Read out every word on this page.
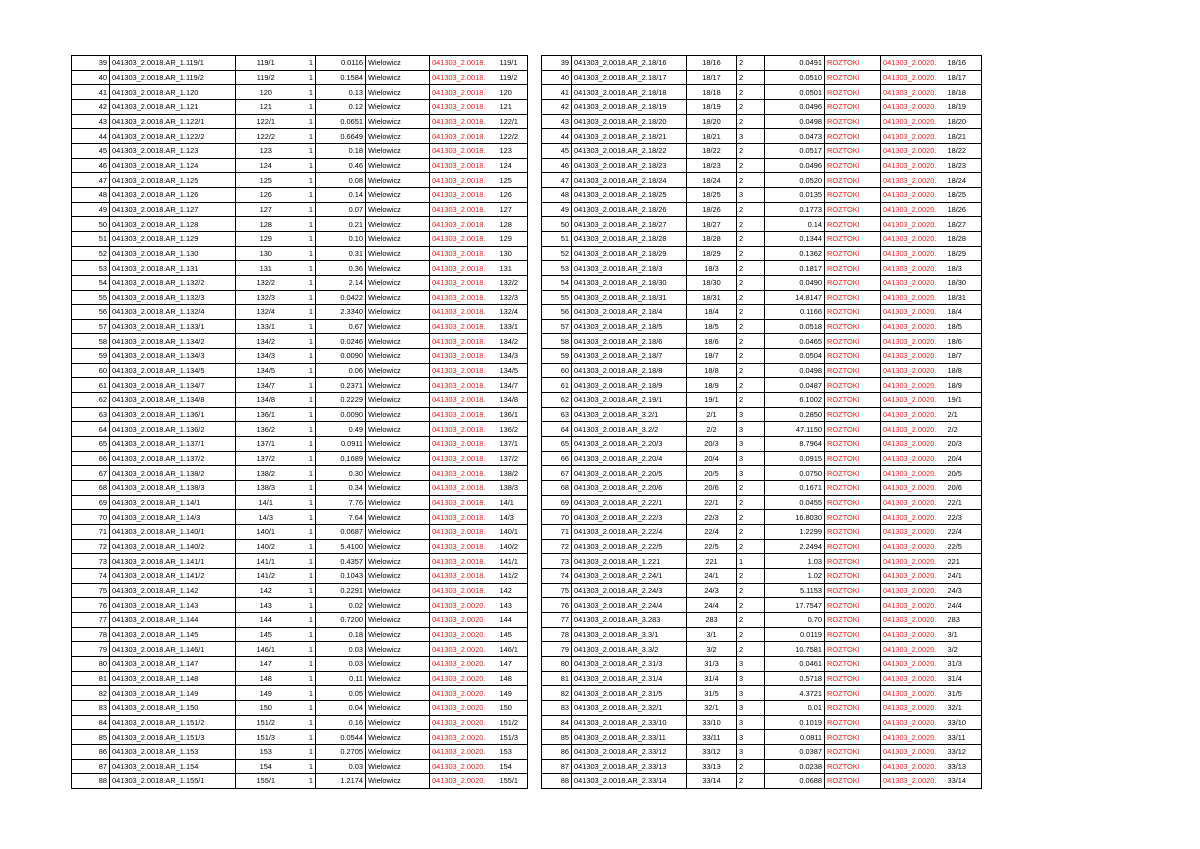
39	041303_2.0018.AR_1.119/1	119/1	1	0.0116	Wielowicz	041303_2.0018.	119/1
40	041303_2.0018.AR_1.119/2	119/2	1	0.1584	Wielowicz	041303_2.0018.	119/2
41	041303_2.0018.AR_1.120	120	1	0.13	Wielowicz	041303_2.0018.	120
42	041303_2.0018.AR_1.121	121	1	0.12	Wielowicz	041303_2.0018.	121
43	041303_2.0018.AR_1.122/1	122/1	1	0.0651	Wielowicz	041303_2.0018.	122/1
44	041303_2.0018.AR_1.122/2	122/2	1	0.6649	Wielowicz	041303_2.0018.	122/2
45	041303_2.0018.AR_1.123	123	1	0.18	Wielowicz	041303_2.0018.	123
46	041303_2.0018.AR_1.124	124	1	0.46	Wielowicz	041303_2.0018.	124
47	041303_2.0018.AR_1.125	125	1	0.08	Wielowicz	041303_2.0018.	125
48	041303_2.0018.AR_1.126	126	1	0.14	Wielowicz	041303_2.0018.	126
49	041303_2.0018.AR_1.127	127	1	0.07	Wielowicz	041303_2.0018.	127
50	041303_2.0018.AR_1.128	128	1	0.21	Wielowicz	041303_2.0018.	128
51	041303_2.0018.AR_1.129	129	1	0.10	Wielowicz	041303_2.0018.	129
52	041303_2.0018.AR_1.130	130	1	0.31	Wielowicz	041303_2.0018.	130
53	041303_2.0018.AR_1.131	131	1	0.36	Wielowicz	041303_2.0018.	131
54	041303_2.0018.AR_1.132/2	132/2	1	2.14	Wielowicz	041303_2.0018.	132/2
55	041303_2.0018.AR_1.132/3	132/3	1	0.0422	Wielowicz	041303_2.0018.	132/3
56	041303_2.0018.AR_1.132/4	132/4	1	2.3340	Wielowicz	041303_2.0018.	132/4
57	041303_2.0018.AR_1.133/1	133/1	1	0.67	Wielowicz	041303_2.0018.	133/1
58	041303_2.0018.AR_1.134/2	134/2	1	0.0246	Wielowicz	041303_2.0018.	134/2
59	041303_2.0018.AR_1.134/3	134/3	1	0.0090	Wielowicz	041303_2.0018.	134/3
60	041303_2.0018.AR_1.134/5	134/5	1	0.06	Wielowicz	041303_2.0018.	134/5
61	041303_2.0018.AR_1.134/7	134/7	1	0.2371	Wielowicz	041303_2.0018.	134/7
62	041303_2.0018.AR_1.134/8	134/8	1	0.2229	Wielowicz	041303_2.0018.	134/8
63	041303_2.0018.AR_1.136/1	136/1	1	0.0090	Wielowicz	041303_2.0018.	136/1
64	041303_2.0018.AR_1.136/2	136/2	1	0.49	Wielowicz	041303_2.0018.	136/2
65	041303_2.0018.AR_1.137/1	137/1	1	0.0911	Wielowicz	041303_2.0018.	137/1
66	041303_2.0018.AR_1.137/2	137/2	1	0.1689	Wielowicz	041303_2.0018.	137/2
67	041303_2.0018.AR_1.138/2	138/2	1	0.30	Wielowicz	041303_2.0018.	138/2
68	041303_2.0018.AR_1.138/3	138/3	1	0.34	Wielowicz	041303_2.0018.	138/3
69	041303_2.0018.AR_1.14/1	14/1	1	7.76	Wielowicz	041303_2.0018.	14/1
70	041303_2.0018.AR_1.14/3	14/3	1	7.64	Wielowicz	041303_2.0018.	14/3
71	041303_2.0018.AR_1.140/1	140/1	1	0.0687	Wielowicz	041303_2.0018.	140/1
72	041303_2.0018.AR_1.140/2	140/2	1	5.4100	Wielowicz	041303_2.0018.	140/2
73	041303_2.0018.AR_1.141/1	141/1	1	0.4357	Wielowicz	041303_2.0018.	141/1
74	041303_2.0018.AR_1.141/2	141/2	1	0.1043	Wielowicz	041303_2.0018.	141/2
75	041303_2.0018.AR_1.142	142	1	0.2291	Wielowicz	041303_2.0018.	142
76	041303_2.0018.AR_1.143	143	1	0.02	Wielowicz	041303_2.0020.	143
77	041303_2.0018.AR_1.144	144	1	0.7200	Wielowicz	041303_2.0020.	144
78	041303_2.0018.AR_1.145	145	1	0.18	Wielowicz	041303_2.0020.	145
79	041303_2.0018.AR_1.146/1	146/1	1	0.03	Wielowicz	041303_2.0020.	146/1
80	041303_2.0018.AR_1.147	147	1	0.03	Wielowicz	041303_2.0020.	147
81	041303_2.0018.AR_1.148	148	1	0.11	Wielowicz	041303_2.0020.	148
82	041303_2.0018.AR_1.149	149	1	0.05	Wielowicz	041303_2.0020.	149
83	041303_2.0018.AR_1.150	150	1	0.04	Wielowicz	041303_2.0020.	150
84	041303_2.0018.AR_1.151/2	151/2	1	0.16	Wielowicz	041303_2.0020.	151/2
85	041303_2.0018.AR_1.151/3	151/3	1	0.0544	Wielowicz	041303_2.0020.	151/3
86	041303_2.0018.AR_1.153	153	1	0.2705	Wielowicz	041303_2.0020.	153
87	041303_2.0018.AR_1.154	154	1	0.03	Wielowicz	041303_2.0020.	154
88	041303_2.0018.AR_1.155/1	155/1	1	1.2174	Wielowicz	041303_2.0020.	155/1
39	041303_2.0018.AR_2.18/16	18/16	2	0.0491	ROZTOKI	041303_2.0020.	18/16
40	041303_2.0018.AR_2.18/17	18/17	2	0.0510	ROZTOKI	041303_2.0020.	18/17
41	041303_2.0018.AR_2.18/18	18/18	2	0.0501	ROZTOKI	041303_2.0020.	18/18
42	041303_2.0018.AR_2.18/19	18/19	2	0.0496	ROZTOKI	041303_2.0020.	18/19
43	041303_2.0018.AR_2.18/20	18/20	2	0.0498	ROZTOKI	041303_2.0020.	18/20
44	041303_2.0018.AR_2.18/21	18/21	3	0.0473	ROZTOKI	041303_2.0020.	18/21
45	041303_2.0018.AR_2.18/22	18/22	2	0.0517	ROZTOKI	041303_2.0020.	18/22
46	041303_2.0018.AR_2.18/23	18/23	2	0.0496	ROZTOKI	041303_2.0020.	18/23
47	041303_2.0018.AR_2.18/24	18/24	2	0.0520	ROZTOKI	041303_2.0020.	18/24
48	041303_2.0018.AR_2.18/25	18/25	3	0.0135	ROZTOKI	041303_2.0020.	18/25
49	041303_2.0018.AR_2.18/26	18/26	2	0.1773	ROZTOKI	041303_2.0020.	18/26
50	041303_2.0018.AR_2.18/27	18/27	2	0.14	ROZTOKI	041303_2.0020.	18/27
51	041303_2.0018.AR_2.18/28	18/28	2	0.1344	ROZTOKI	041303_2.0020.	18/28
52	041303_2.0018.AR_2.18/29	18/29	2	0.1362	ROZTOKI	041303_2.0020.	18/29
53	041303_2.0018.AR_2.18/3	18/3	2	0.1817	ROZTOKI	041303_2.0020.	18/3
54	041303_2.0018.AR_2.18/30	18/30	2	0.0490	ROZTOKI	041303_2.0020.	18/30
55	041303_2.0018.AR_2.18/31	18/31	2	14.8147	ROZTOKI	041303_2.0020.	18/31
56	041303_2.0018.AR_2.18/4	18/4	2	0.1166	ROZTOKI	041303_2.0020.	18/4
57	041303_2.0018.AR_2.18/5	18/5	2	0.0518	ROZTOKI	041303_2.0020.	18/5
58	041303_2.0018.AR_2.18/6	18/6	2	0.0465	ROZTOKI	041303_2.0020.	18/6
59	041303_2.0018.AR_2.18/7	18/7	2	0.0504	ROZTOKI	041303_2.0020.	18/7
60	041303_2.0018.AR_2.18/8	18/8	2	0.0498	ROZTOKI	041303_2.0020.	18/8
61	041303_2.0018.AR_2.18/9	18/9	2	0.0487	ROZTOKI	041303_2.0020.	18/9
62	041303_2.0018.AR_2.19/1	19/1	2	6.1002	ROZTOKI	041303_2.0020.	19/1
63	041303_2.0018.AR_3.2/1	2/1	3	0.2850	ROZTOKI	041303_2.0020.	2/1
64	041303_2.0018.AR_3.2/2	2/2	3	47.1150	ROZTOKI	041303_2.0020.	2/2
65	041303_2.0018.AR_2.20/3	20/3	3	8.7964	ROZTOKI	041303_2.0020.	20/3
66	041303_2.0018.AR_2.20/4	20/4	3	0.0915	ROZTOKI	041303_2.0020.	20/4
67	041303_2.0018.AR_2.20/5	20/5	3	0.0750	ROZTOKI	041303_2.0020.	20/5
68	041303_2.0018.AR_2.20/6	20/6	2	0.1671	ROZTOKI	041303_2.0020.	20/6
69	041303_2.0018.AR_2.22/1	22/1	2	0.0455	ROZTOKI	041303_2.0020.	22/1
70	041303_2.0018.AR_2.22/3	22/3	2	16.8030	ROZTOKI	041303_2.0020.	22/3
71	041303_2.0018.AR_2.22/4	22/4	2	1.2299	ROZTOKI	041303_2.0020.	22/4
72	041303_2.0018.AR_2.22/5	22/5	2	2.2494	ROZTOKI	041303_2.0020.	22/5
73	041303_2.0018.AR_1.221	221	1	1.03	ROZTOKI	041303_2.0020.	221
74	041303_2.0018.AR_2.24/1	24/1	2	1.02	ROZTOKI	041303_2.0020.	24/1
75	041303_2.0018.AR_2.24/3	24/3	2	5.1153	ROZTOKI	041303_2.0020.	24/3
76	041303_2.0018.AR_2.24/4	24/4	2	17.7547	ROZTOKI	041303_2.0020.	24/4
77	041303_2.0018.AR_3.283	283	2	0.70	ROZTOKI	041303_2.0020.	283
78	041303_2.0018.AR_3.3/1	3/1	2	0.0119	ROZTOKI	041303_2.0020.	3/1
79	041303_2.0018.AR_3.3/2	3/2	2	10.7581	ROZTOKI	041303_2.0020.	3/2
80	041303_2.0018.AR_2.31/3	31/3	3	0.0461	ROZTOKI	041303_2.0020.	31/3
81	041303_2.0018.AR_2.31/4	31/4	3	0.5718	ROZTOKI	041303_2.0020.	31/4
82	041303_2.0018.AR_2.31/5	31/5	3	4.3721	ROZTOKI	041303_2.0020.	31/5
83	041303_2.0018.AR_2.32/1	32/1	3	0.01	ROZTOKI	041303_2.0020.	32/1
84	041303_2.0018.AR_2.33/10	33/10	3	0.1019	ROZTOKI	041303_2.0020.	33/10
85	041303_2.0018.AR_2.33/11	33/11	3	0.0811	ROZTOKI	041303_2.0020.	33/11
86	041303_2.0018.AR_2.33/12	33/12	3	0.0387	ROZTOKI	041303_2.0020.	33/12
87	041303_2.0018.AR_2.33/13	33/13	2	0.0238	ROZTOKI	041303_2.0020.	33/13
88	041303_2.0018.AR_2.33/14	33/14	2	0.0688	ROZTOKI	041303_2.0020.	33/14
